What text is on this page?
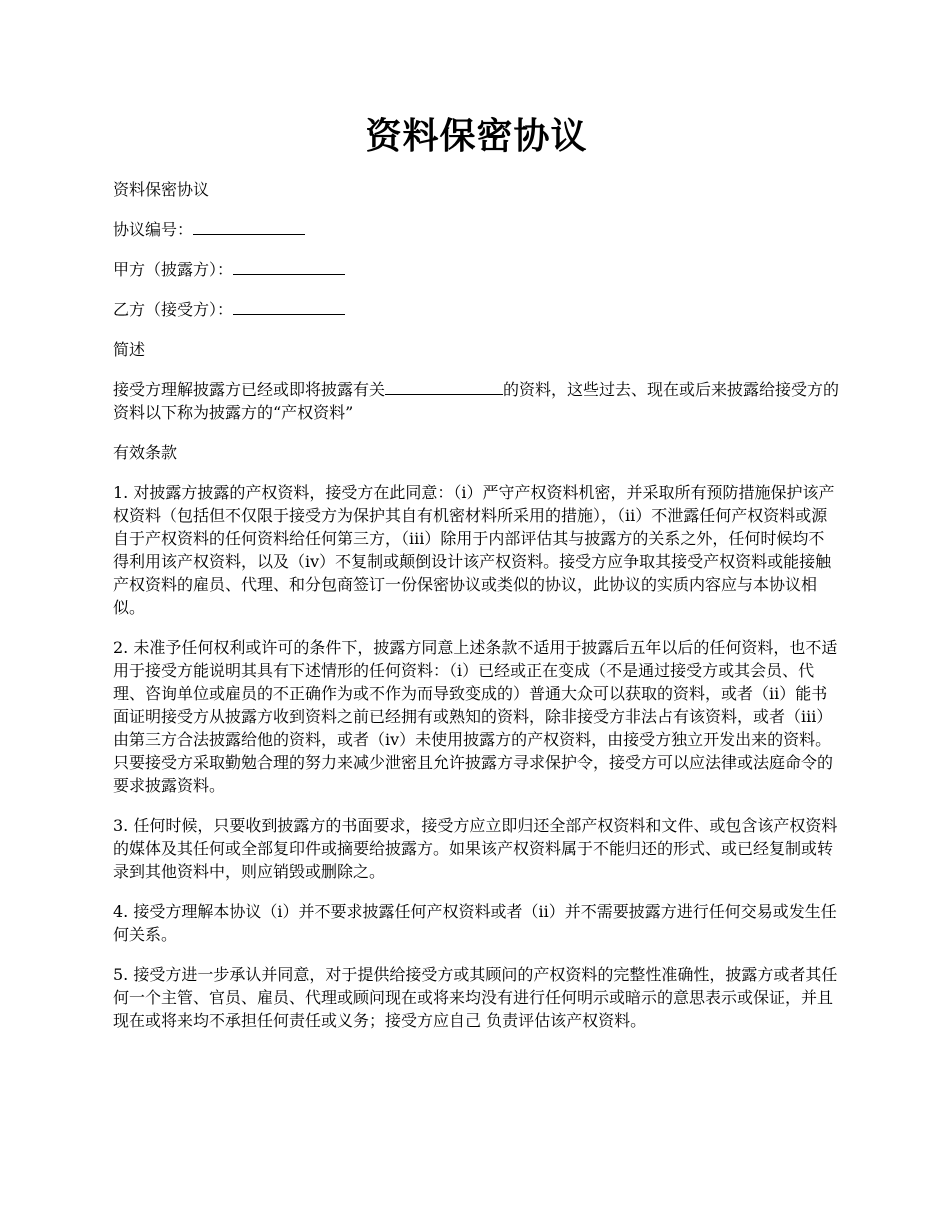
资料保密协议

资料保密协议

协议编号：

甲方（披露方）：

乙方（接受方）：

简述

接受方理解披露方已经或即将披露有关	的资料，这些过去、现在或后来披露给接受方的资料以下称为披露方的“产权资料”

有效条款

1. 对披露方披露的产权资料，接受方在此同意：（i）严守产权资料机密，并采取所有预防措施保护该产权资料（包括但不仅限于接受方为保护其自有机密材料所采用的措施），（ii）不泄露任何产权资料或源自于产权资料的任何资料给任何第三方，（iii）除用于内部评估其与披露方的关系之外，任何时候均不得利用该产权资料，以及（iv）不复制或颠倒设计该产权资料。接受方应争取其接受产权资料或能接触产权资料的雇员、代理、和分包商签订一份保密协议或类似的协议，此协议的实质内容应与本协议相似。

2. 未准予任何权利或许可的条件下，披露方同意上述条款不适用于披露后五年以后的任何资料，也不适用于接受方能说明其具有下述情形的任何资料：（i）已经或正在变成（不是通过接受方或其会员、代理、咨询单位或雇员的不正确作为或不作为而导致变成的）普通大众可以获取的资料，或者（ii）能书面证明接受方从披露方收到资料之前已经拥有或熟知的资料，除非接受方非法占有该资料，或者（iii）由第三方合法披露给他的资料，或者（iv）未使用披露方的产权资料，由接受方独立开发出来的资料。只要接受方采取勤勉合理的努力来减少泄密且允许披露方寻求保护令，接受方可以应法律或法庭命令的要求披露资料。

3. 任何时候，只要收到披露方的书面要求，接受方应立即归还全部产权资料和文件、或包含该产权资料的媒体及其任何或全部复印件或摘要给披露方。如果该产权资料属于不能归还的形式、或已经复制或转录到其他资料中，则应销毁或删除之。

4. 接受方理解本协议（i）并不要求披露任何产权资料或者（ii）并不需要披露方进行任何交易或发生任何关系。

5. 接受方进一步承认并同意，对于提供给接受方或其顾问的产权资料的完整性准确性，披露方或者其任何一个主管、官员、雇员、代理或顾问现在或将来均没有进行任何明示或暗示的意思表示或保证，并且现在或将来均不承担任何责任或义务；接受方应自己 负责评估该产权资料。
